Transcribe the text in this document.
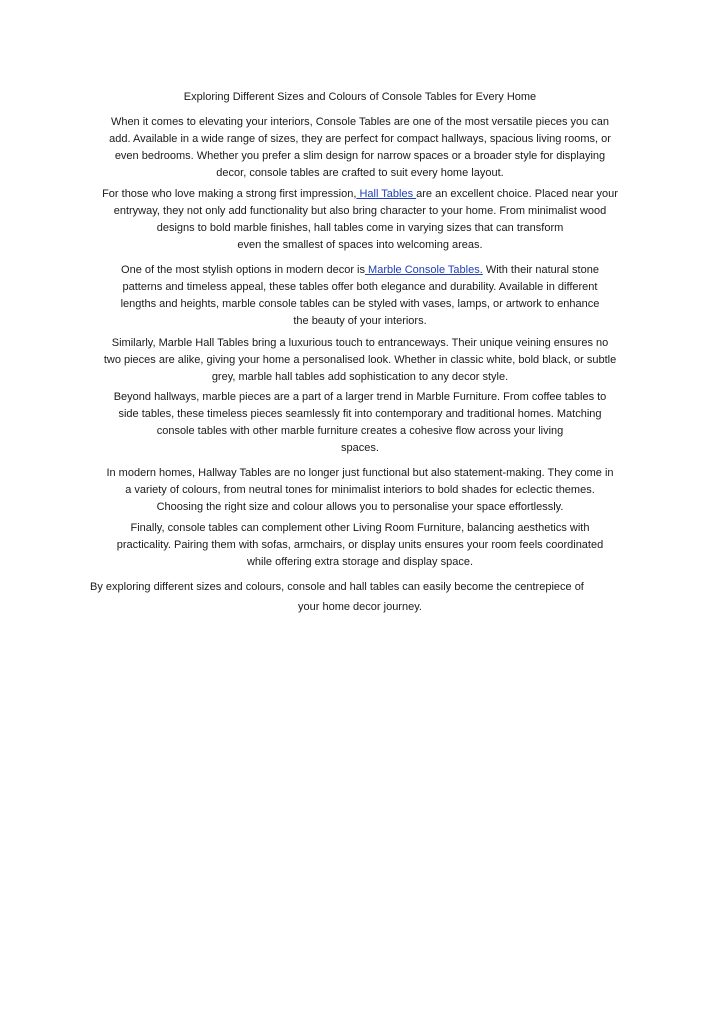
Exploring Different Sizes and Colours of Console Tables for Every Home

When it comes to elevating your interiors, Console Tables are one of the most versatile pieces you can
add. Available in a wide range of sizes, they are perfect for compact hallways, spacious living rooms, or
even bedrooms. Whether you prefer a slim design for narrow spaces or a broader style for displaying
decor, console tables are crafted to suit every home layout.

For those who love making a strong first impression, Hall Tables are an excellent choice. Placed near your
entryway, they not only add functionality but also bring character to your home. From minimalist wood
designs to bold marble finishes, hall tables come in varying sizes that can transform
even the smallest of spaces into welcoming areas.

One of the most stylish options in modern decor is Marble Console Tables. With their natural stone
patterns and timeless appeal, these tables offer both elegance and durability. Available in different
lengths and heights, marble console tables can be styled with vases, lamps, or artwork to enhance
the beauty of your interiors.

Similarly, Marble Hall Tables bring a luxurious touch to entranceways. Their unique veining ensures no
two pieces are alike, giving your home a personalised look. Whether in classic white, bold black, or subtle
grey, marble hall tables add sophistication to any decor style.

Beyond hallways, marble pieces are a part of a larger trend in Marble Furniture. From coffee tables to
side tables, these timeless pieces seamlessly fit into contemporary and traditional homes. Matching
console tables with other marble furniture creates a cohesive flow across your living
spaces.

In modern homes, Hallway Tables are no longer just functional but also statement-making. They come in
a variety of colours, from neutral tones for minimalist interiors to bold shades for eclectic themes.
Choosing the right size and colour allows you to personalise your space effortlessly.

Finally, console tables can complement other Living Room Furniture, balancing aesthetics with
practicality. Pairing them with sofas, armchairs, or display units ensures your room feels coordinated
while offering extra storage and display space.

By exploring different sizes and colours, console and hall tables can easily become the centrepiece of

your home decor journey.
